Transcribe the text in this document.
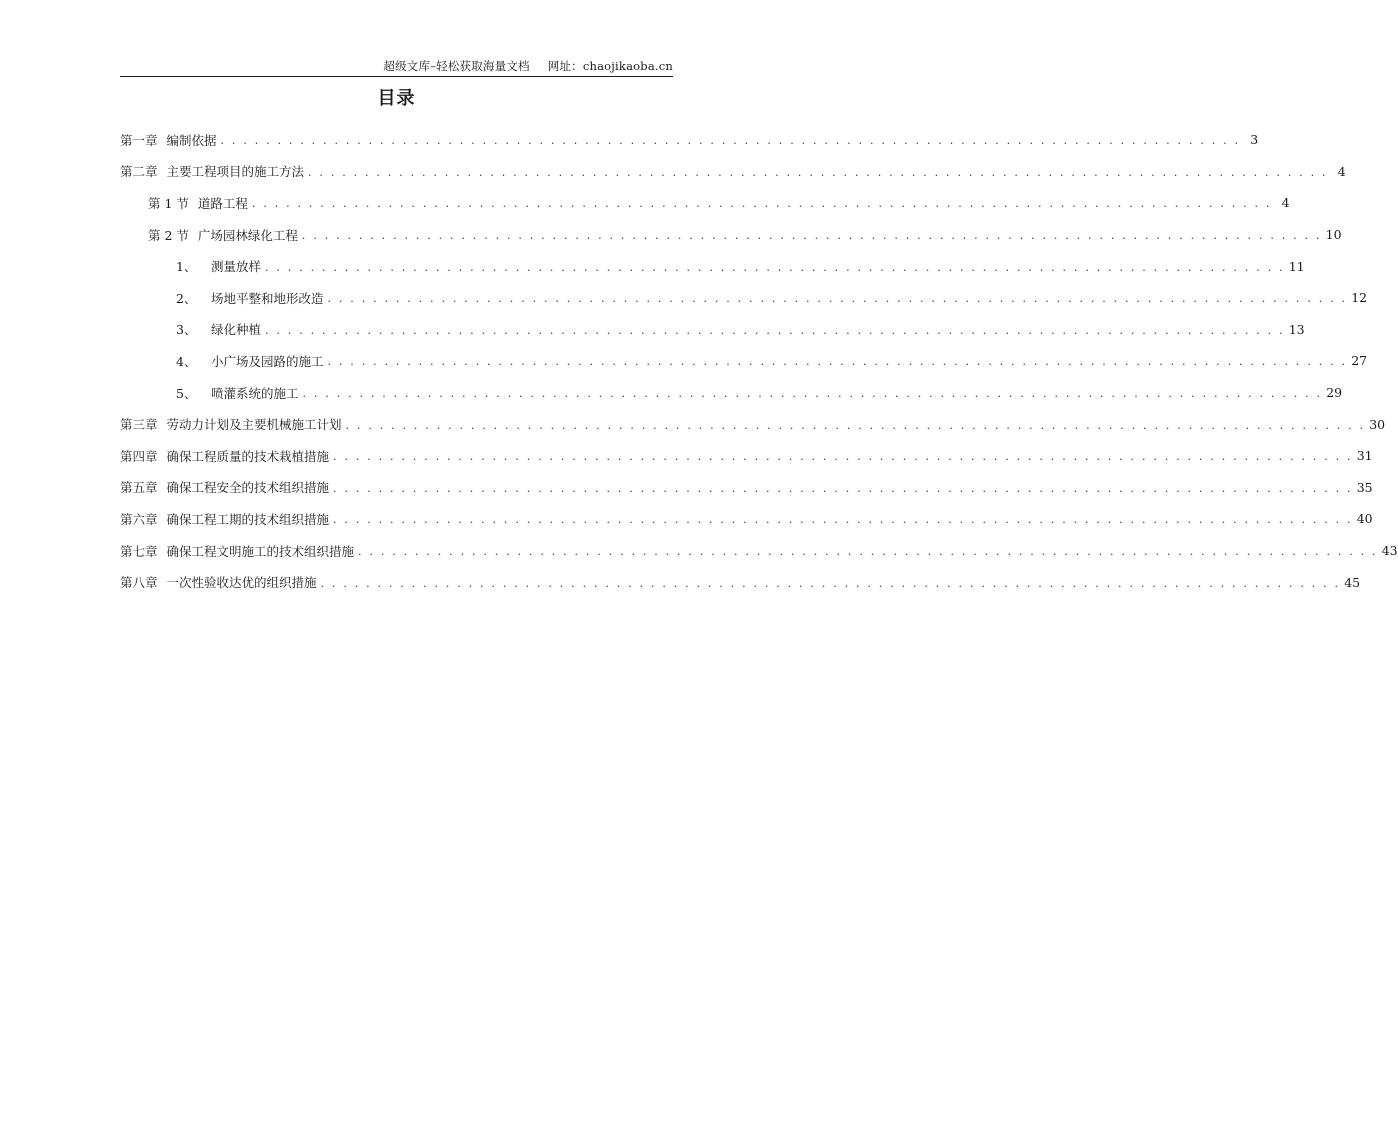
超级文库–轻松获取海量文档 网址：chaojikaoba.cn
目录
第一章 编制依据 . . . . . . . . . . . . . . . . . . . . . . . . . . . . . . . . . . . . . . . . . . . . . . . . . . . . . . . . . . . . . . . . . . . . . . . . . . . . . . . . . . . . . . . . . . 3
第二章 主要工程项目的施工方法 . . . . . . . . . . . . . . . . . . . . . . . . . . . . . . . . . . . . . . . . . . . . . . . . . . . . . . . . . . . . . . . . . . . . . . . . . . . . . . . . . . . . . . . . . . 4
第 1 节 道路工程 . . . . . . . . . . . . . . . . . . . . . . . . . . . . . . . . . . . . . . . . . . . . . . . . . . . . . . . . . . . . . . . . . . . . . . . . . . . . . . . . . . . . . . . . . . 4
第 2 节 广场园林绿化工程 . . . . . . . . . . . . . . . . . . . . . . . . . . . . . . . . . . . . . . . . . . . . . . . . . . . . . . . . . . . . . . . . . . . . . . . . . . . . . . . . . . . . . . . . . . 10
1、 测量放样 . . . . . . . . . . . . . . . . . . . . . . . . . . . . . . . . . . . . . . . . . . . . . . . . . . . . . . . . . . . . . . . . . . . . . . . . . . . . . . . . . . . . . . . . . . 11
2、 场地平整和地形改造 . . . . . . . . . . . . . . . . . . . . . . . . . . . . . . . . . . . . . . . . . . . . . . . . . . . . . . . . . . . . . . . . . . . . . . . . . . . . . . . . . . . . . . . . . . 12
3、 绿化种植 . . . . . . . . . . . . . . . . . . . . . . . . . . . . . . . . . . . . . . . . . . . . . . . . . . . . . . . . . . . . . . . . . . . . . . . . . . . . . . . . . . . . . . . . . . 13
4、 小广场及园路的施工 . . . . . . . . . . . . . . . . . . . . . . . . . . . . . . . . . . . . . . . . . . . . . . . . . . . . . . . . . . . . . . . . . . . . . . . . . . . . . . . . . . . . . . . . . . 27
5、 喷灌系统的施工 . . . . . . . . . . . . . . . . . . . . . . . . . . . . . . . . . . . . . . . . . . . . . . . . . . . . . . . . . . . . . . . . . . . . . . . . . . . . . . . . . . . . . . . . . . 29
第三章 劳动力计划及主要机械施工计划 . . . . . . . . . . . . . . . . . . . . . . . . . . . . . . . . . . . . . . . . . . . . . . . . . . . . . . . . . . . . . . . . . . . . . . . . . . . . . . . . . . . . . . . . . . 30
第四章 确保工程质量的技术栽植措施 . . . . . . . . . . . . . . . . . . . . . . . . . . . . . . . . . . . . . . . . . . . . . . . . . . . . . . . . . . . . . . . . . . . . . . . . . . . . . . . . . . . . . . . . . . 31
第五章 确保工程安全的技术组织措施 . . . . . . . . . . . . . . . . . . . . . . . . . . . . . . . . . . . . . . . . . . . . . . . . . . . . . . . . . . . . . . . . . . . . . . . . . . . . . . . . . . . . . . . . . . 35
第六章 确保工程工期的技术组织措施 . . . . . . . . . . . . . . . . . . . . . . . . . . . . . . . . . . . . . . . . . . . . . . . . . . . . . . . . . . . . . . . . . . . . . . . . . . . . . . . . . . . . . . . . . . 40
第七章 确保工程文明施工的技术组织措施 . . . . . . . . . . . . . . . . . . . . . . . . . . . . . . . . . . . . . . . . . . . . . . . . . . . . . . . . . . . . . . . . . . . . . . . . . . . . . . . . . . . . . . . . . . 43
第八章 一次性验收达优的组织措施 . . . . . . . . . . . . . . . . . . . . . . . . . . . . . . . . . . . . . . . . . . . . . . . . . . . . . . . . . . . . . . . . . . . . . . . . . . . . . . . . . . . . . . . . . . 45
